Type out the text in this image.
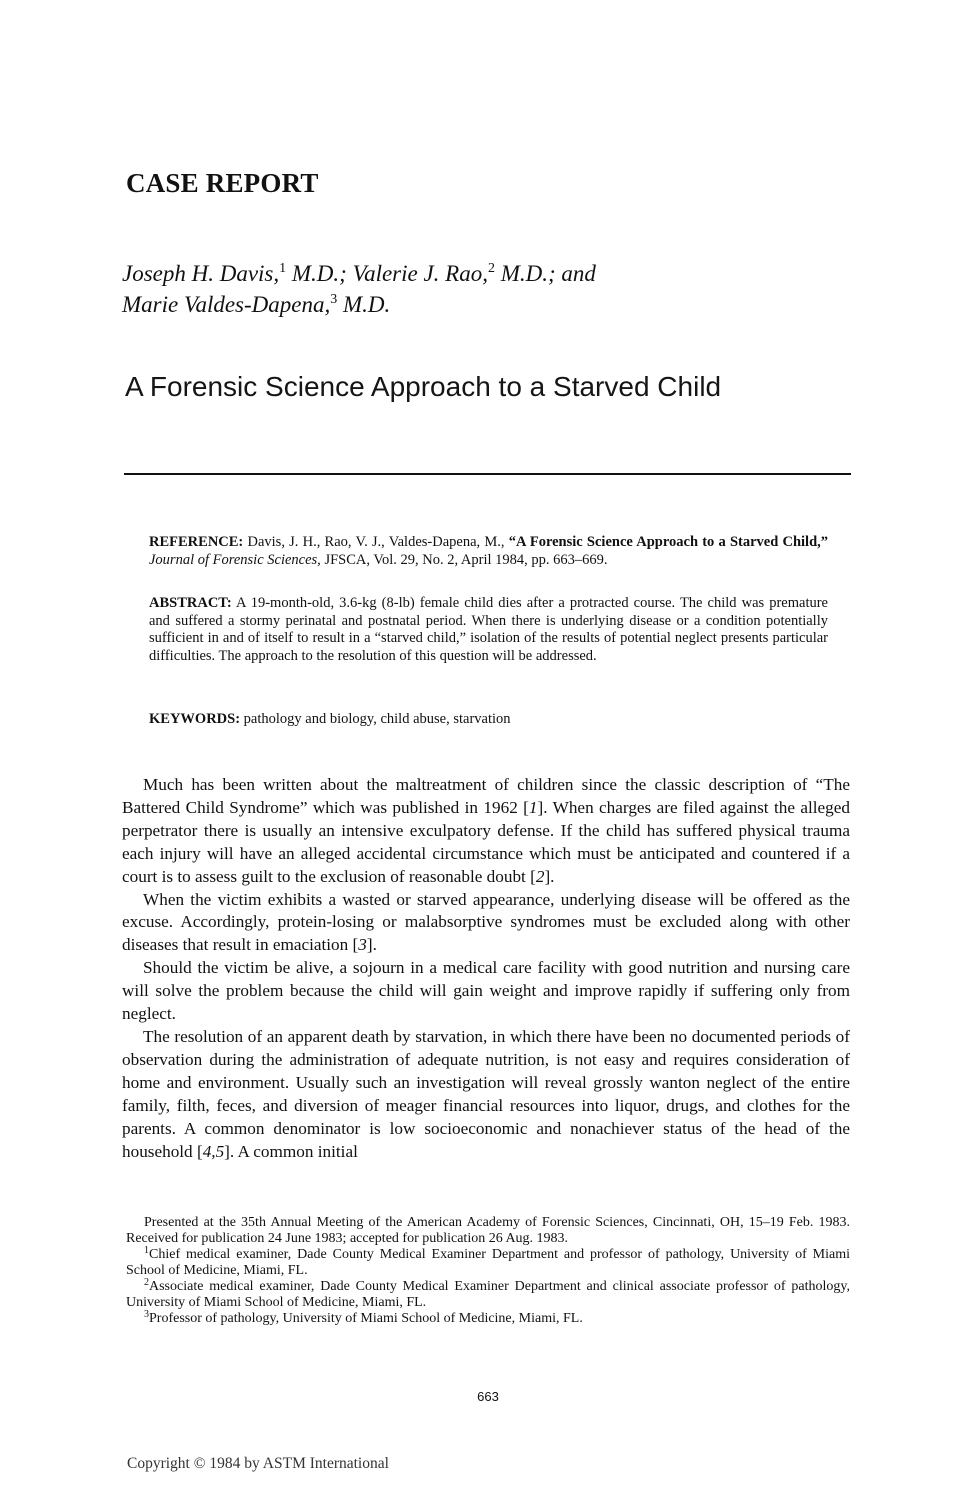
CASE REPORT
Joseph H. Davis,$^1$ M.D.; Valerie J. Rao,$^2$ M.D.; and
Marie Valdes-Dapena,$^3$ M.D.
A Forensic Science Approach to a Starved Child
REFERENCE: Davis, J. H., Rao, V. J., Valdes-Dapena, M., “A Forensic Science Approach to a Starved Child,” Journal of Forensic Sciences, JFSCA, Vol. 29, No. 2, April 1984, pp. 663–669.
ABSTRACT: A 19-month-old, 3.6-kg (8-lb) female child dies after a protracted course. The child was premature and suffered a stormy perinatal and postnatal period. When there is underlying disease or a condition potentially sufficient in and of itself to result in a “starved child,” isolation of the results of potential neglect presents particular difficulties. The approach to the resolution of this question will be addressed.
KEYWORDS: pathology and biology, child abuse, starvation

Much has been written about the maltreatment of children since the classic description of “The Battered Child Syndrome” which was published in 1962 [1]. When charges are filed against the alleged perpetrator there is usually an intensive exculpatory defense. If the child has suffered physical trauma each injury will have an alleged accidental circumstance which must be anticipated and countered if a court is to assess guilt to the exclusion of reasonable doubt [2].

When the victim exhibits a wasted or starved appearance, underlying disease will be offered as the excuse. Accordingly, protein-losing or malabsorptive syndromes must be excluded along with other diseases that result in emaciation [3].

Should the victim be alive, a sojourn in a medical care facility with good nutrition and nursing care will solve the problem because the child will gain weight and improve rapidly if suffering only from neglect.

The resolution of an apparent death by starvation, in which there have been no documented periods of observation during the administration of adequate nutrition, is not easy and requires consideration of home and environment. Usually such an investigation will reveal grossly wanton neglect of the entire family, filth, feces, and diversion of meager financial resources into liquor, drugs, and clothes for the parents. A common denominator is low socioeconomic and nonachiever status of the head of the household [4,5]. A common initial

Presented at the 35th Annual Meeting of the American Academy of Forensic Sciences, Cincinnati, OH, 15–19 Feb. 1983. Received for publication 24 June 1983; accepted for publication 26 Aug. 1983.

$^1$Chief medical examiner, Dade County Medical Examiner Department and professor of pathology, University of Miami School of Medicine, Miami, FL.

$^2$Associate medical examiner, Dade County Medical Examiner Department and clinical associate professor of pathology, University of Miami School of Medicine, Miami, FL.

$^3$Professor of pathology, University of Miami School of Medicine, Miami, FL.

663
Copyright © 1984 by ASTM International
